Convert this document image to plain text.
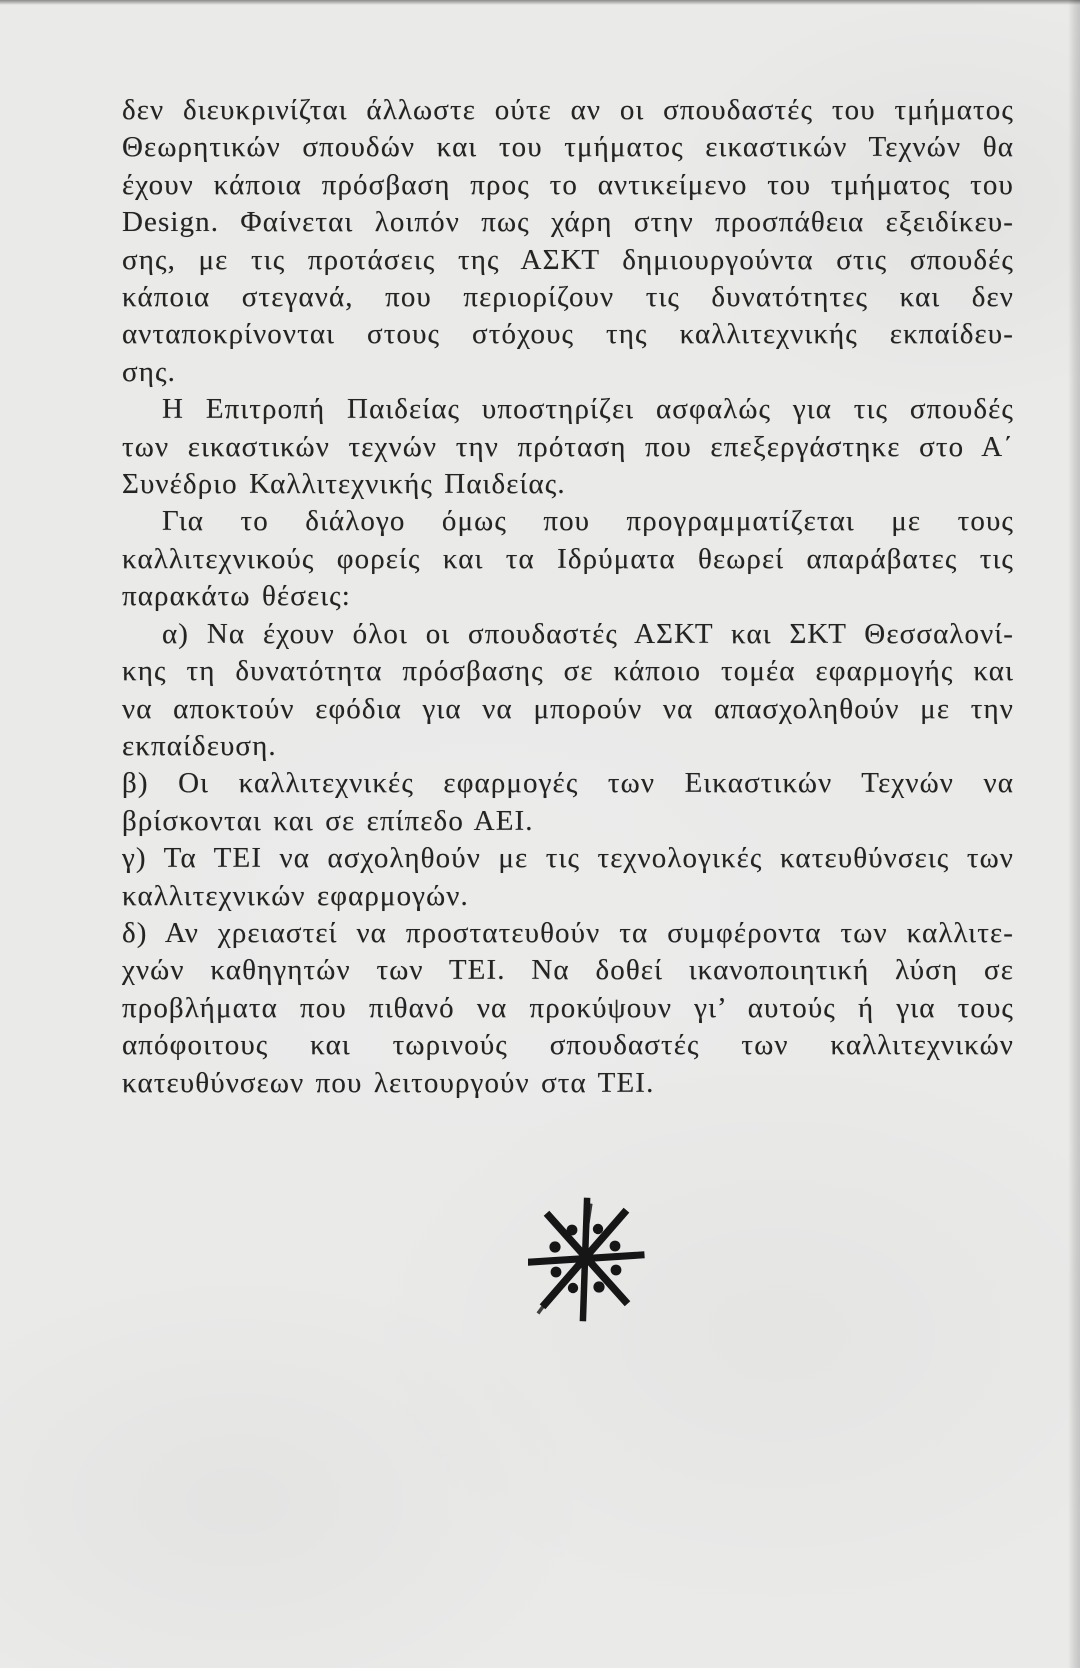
δεν διευκρινίζται άλλωστε ούτε αν οι σπουδαστές του τμήματος
Θεωρητικών σπουδών και του τμήματος εικαστικών Τεχνών θα
έχουν κάποια πρόσβαση προς το αντικείμενο του τμήματος του
Design. Φαίνεται λοιπόν πως χάρη στην προσπάθεια εξειδίκευ-
σης, με τις προτάσεις της ΑΣΚΤ δημιουργούντα στις σπουδές
κάποια στεγανά, που περιορίζουν τις δυνατότητες και δεν
ανταποκρίνονται στους στόχους της καλλιτεχνικής εκπαίδευ-
σης.
Η Επιτροπή Παιδείας υποστηρίζει ασφαλώς για τις σπουδές
των εικαστικών τεχνών την πρόταση που επεξεργάστηκε στο Α΄
Συνέδριο Καλλιτεχνικής Παιδείας.
Για το διάλογο όμως που προγραμματίζεται με τους
καλλιτεχνικούς φορείς και τα Ιδρύματα θεωρεί απαράβατες τις
παρακάτω θέσεις:
α) Να έχουν όλοι οι σπουδαστές ΑΣΚΤ και ΣΚΤ Θεσσαλονί-
κης τη δυνατότητα πρόσβασης σε κάποιο τομέα εφαρμογής και
να αποκτούν εφόδια για να μπορούν να απασχοληθούν με την
εκπαίδευση.
β) Οι καλλιτεχνικές εφαρμογές των Εικαστικών Τεχνών να
βρίσκονται και σε επίπεδο ΑΕΙ.
γ) Τα ΤΕΙ να ασχοληθούν με τις τεχνολογικές κατευθύνσεις των
καλλιτεχνικών εφαρμογών.
δ) Αν χρειαστεί να προστατευθούν τα συμφέροντα των καλλιτε-
χνών καθηγητών των ΤΕΙ. Να δοθεί ικανοποιητική λύση σε
προβλήματα που πιθανό να προκύψουν γι’ αυτούς ή για τους
απόφοιτους και τωρινούς σπουδαστές των καλλιτεχνικών
κατευθύνσεων που λειτουργούν στα ΤΕΙ.
